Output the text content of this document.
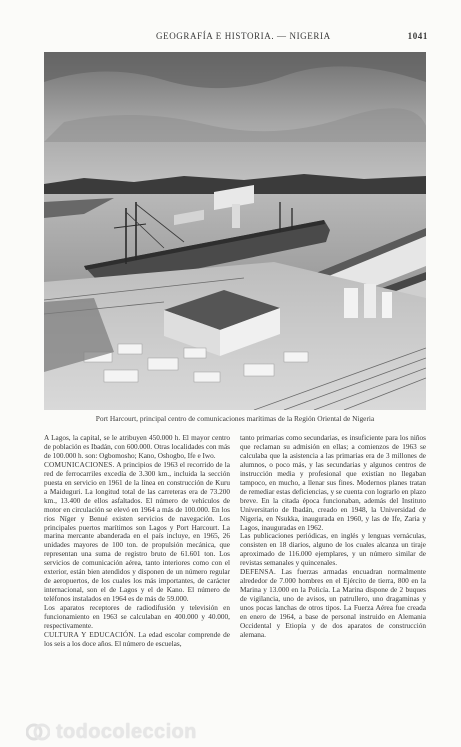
GEOGRAFÍA E HISTORIA. — NIGERIA	1041
Port Harcourt, principal centro de comunicaciones marítimas de la Región Oriental de Nigeria

A Lagos, la capital, se le atribuyen 450.000 h. El mayor centro de población es Ibadán, con 600.000. Otras localidades con más de 100.000 h. son: Ogbomosho; Kano, Oshogbo, Ife e Iwo.

COMUNICACIONES. A principios de 1963 el recorrido de la red de ferrocarriles excedía de 3.300 km., incluida la sección puesta en servicio en 1961 de la línea en construcción de Kuru a Maiduguri. La longitud total de las carreteras era de 73.200 km., 13.400 de ellos asfaltados. El número de vehículos de motor en circulación se elevó en 1964 a más de 100.000. En los ríos Níger y Benué existen servicios de navegación. Los principales puertos marítimos son Lagos y Port Harcourt. La marina mercante abanderada en el país incluye, en 1965, 26 unidades mayores de 100 ton. de propulsión mecánica, que representan una suma de registro bruto de 61.601 ton. Los servicios de comunicación aérea, tanto interiores como con el exterior, están bien atendidos y disponen de un número regular de aeropuertos, de los cuales los más importantes, de carácter internacional, son el de Lagos y el de Kano. El número de teléfonos instalados en 1964 es de más de 59.000.

Los aparatos receptores de radiodifusión y televisión en funcionamiento en 1963 se calculaban en 400.000 y 40.000, respectivamente.

CULTURA Y EDUCACIÓN. La edad escolar comprende de los seis a los doce años. El número de escuelas,

tanto primarias como secundarias, es insuficiente para los niños que reclaman su admisión en ellas; a comienzos de 1963 se calculaba que la asistencia a las primarias era de 3 millones de alumnos, o poco más, y las secundarias y algunos centros de instrucción media y profesional que existían no llegaban tampoco, en mucho, a llenar sus fines. Modernos planes tratan de remediar estas deficiencias, y se cuenta con lograrlo en plazo breve. En la citada época funcionaban, además del Instituto Universitario de Ibadán, creado en 1948, la Universidad de Nigeria, en Nsukka, inaugurada en 1960, y las de Ife, Zaria y Lagos, inauguradas en 1962.

Las publicaciones periódicas, en inglés y lenguas vernáculas, consisten en 18 diarios, alguno de los cuales alcanza un tiraje aproximado de 116.000 ejemplares, y un número similar de revistas semanales y quincenales.

DEFENSA. Las fuerzas armadas encuadran normalmente alrededor de 7.000 hombres en el Ejército de tierra, 800 en la Marina y 13.000 en la Policía. La Marina dispone de 2 buques de vigilancia, uno de avisos, un patrullero, uno dragaminas y unos pocas lanchas de otros tipos. La Fuerza Aérea fue creada en enero de 1964, a base de personal instruido en Alemania Occidental y Etiopía y de dos aparatos de construcción alemana.

todocoleccion
